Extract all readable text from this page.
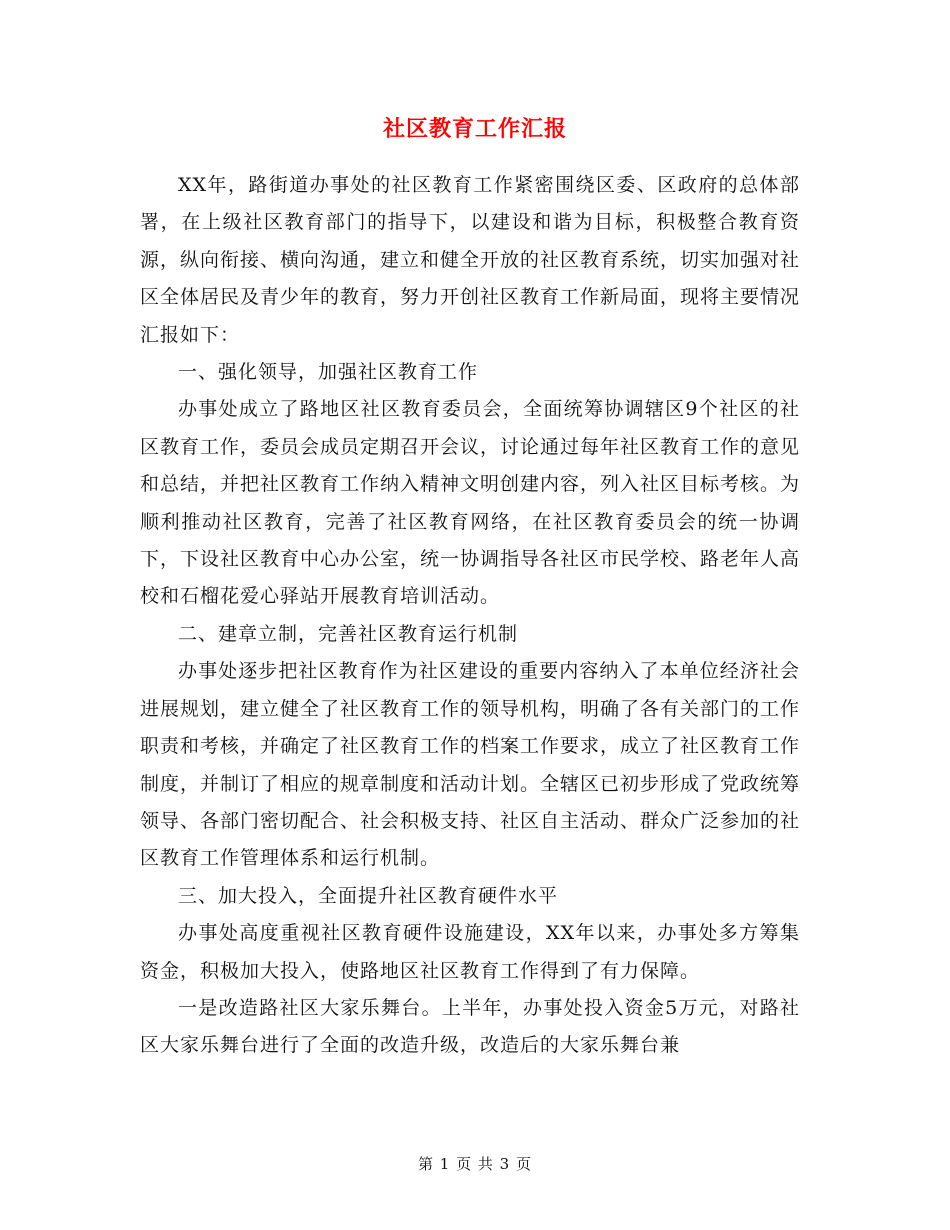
社区教育工作汇报

XX年，路街道办事处的社区教育工作紧密围绕区委、区政府的总体部署，在上级社区教育部门的指导下，以建设和谐为目标，积极整合教育资源，纵向衔接、横向沟通，建立和健全开放的社区教育系统，切实加强对社区全体居民及青少年的教育，努力开创社区教育工作新局面，现将主要情况汇报如下：

一、强化领导，加强社区教育工作

办事处成立了路地区社区教育委员会，全面统筹协调辖区9个社区的社区教育工作，委员会成员定期召开会议，讨论通过每年社区教育工作的意见和总结，并把社区教育工作纳入精神文明创建内容，列入社区目标考核。为顺利推动社区教育，完善了社区教育网络，在社区教育委员会的统一协调下，下设社区教育中心办公室，统一协调指导各社区市民学校、路老年人高校和石榴花爱心驿站开展教育培训活动。

二、建章立制，完善社区教育运行机制

办事处逐步把社区教育作为社区建设的重要内容纳入了本单位经济社会进展规划，建立健全了社区教育工作的领导机构，明确了各有关部门的工作职责和考核，并确定了社区教育工作的档案工作要求，成立了社区教育工作制度，并制订了相应的规章制度和活动计划。全辖区已初步形成了党政统筹领导、各部门密切配合、社会积极支持、社区自主活动、群众广泛参加的社区教育工作管理体系和运行机制。

三、加大投入，全面提升社区教育硬件水平

办事处高度重视社区教育硬件设施建设，XX年以来，办事处多方筹集资金，积极加大投入，使路地区社区教育工作得到了有力保障。

一是改造路社区大家乐舞台。上半年，办事处投入资金5万元，对路社区大家乐舞台进行了全面的改造升级，改造后的大家乐舞台兼

第 1 页 共 3 页
